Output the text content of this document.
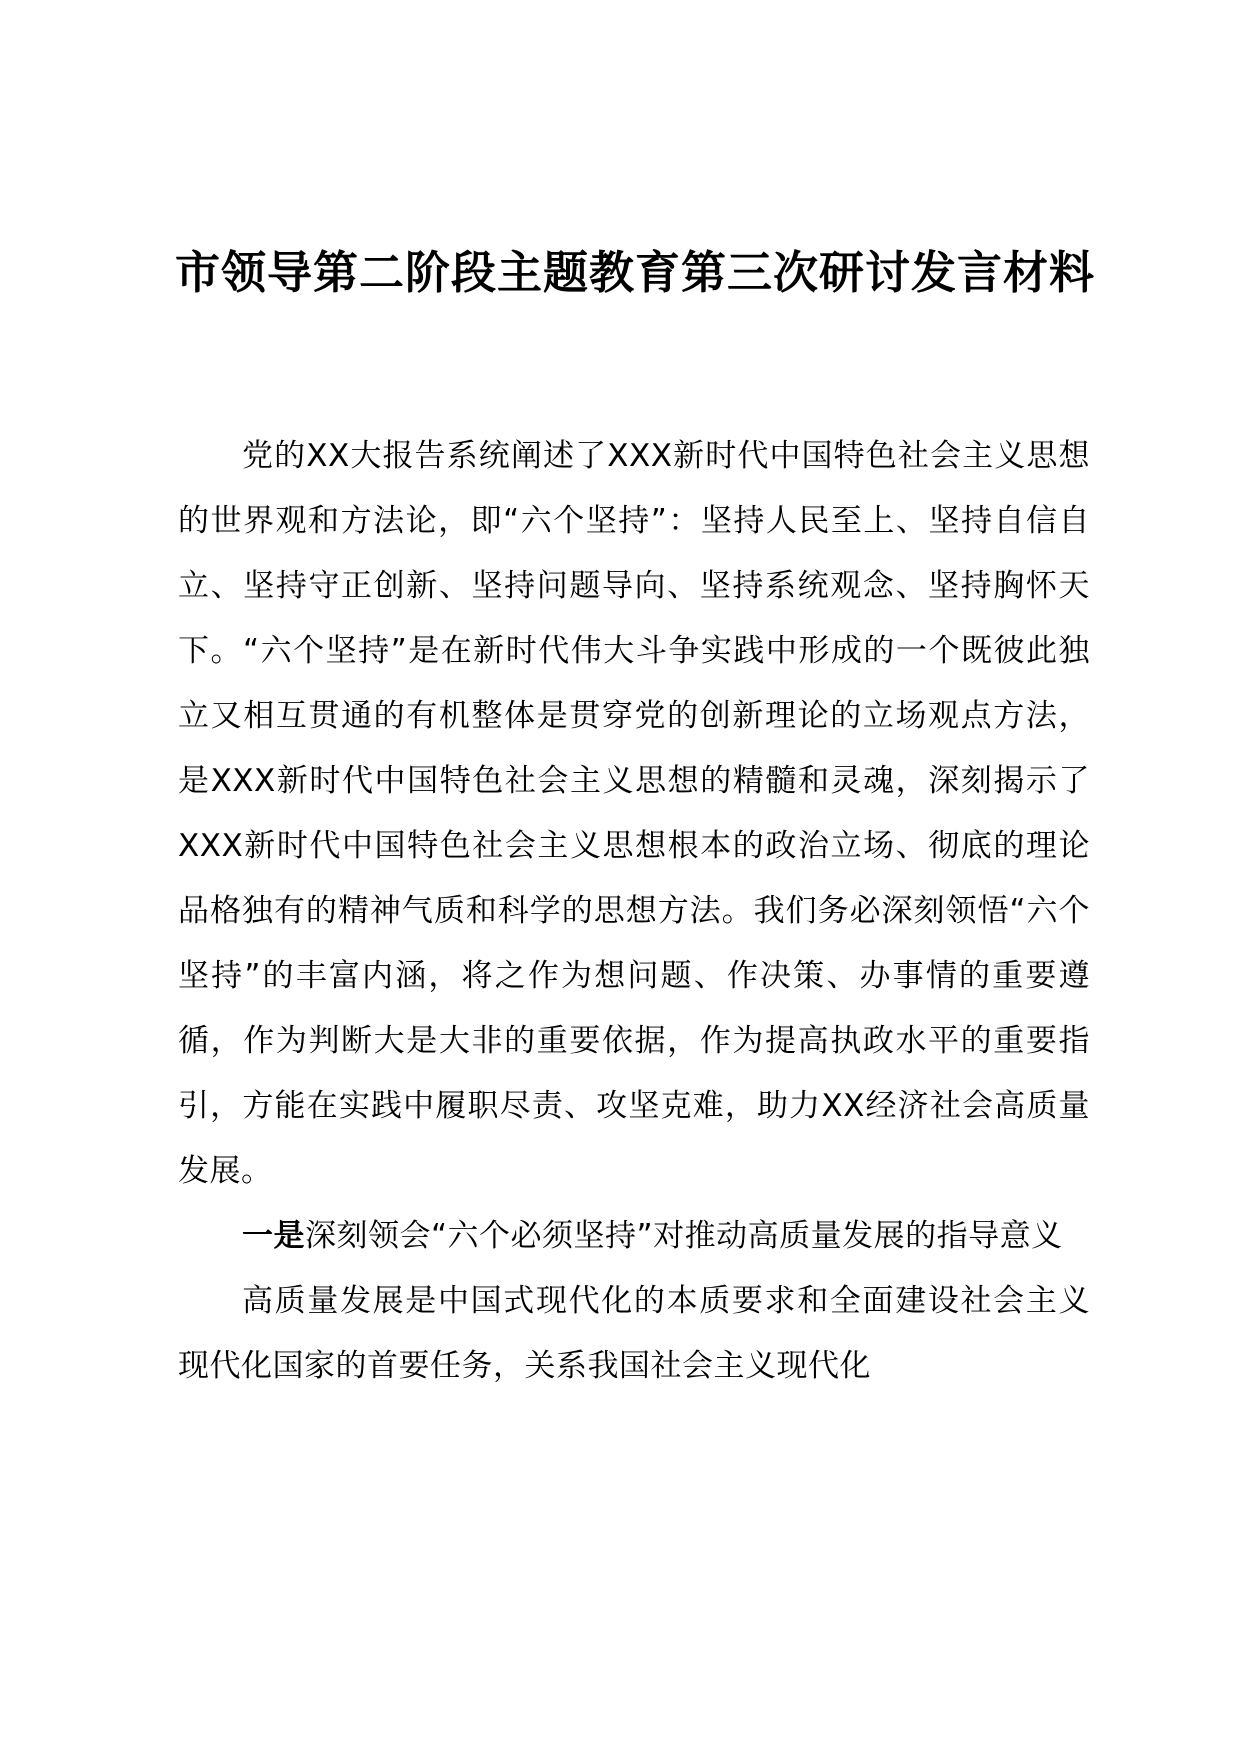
市领导第二阶段主题教育第三次研讨发言材料

党的XX大报告系统阐述了XXX新时代中国特色社会主义思想的世界观和方法论，即“六个坚持”：坚持人民至上、坚持自信自立、坚持守正创新、坚持问题导向、坚持系统观念、坚持胸怀天下。“六个坚持”是在新时代伟大斗争实践中形成的一个既彼此独立又相互贯通的有机整体是贯穿党的创新理论的立场观点方法，是XXX新时代中国特色社会主义思想的精髓和灵魂，深刻揭示了XXX新时代中国特色社会主义思想根本的政治立场、彻底的理论品格独有的精神气质和科学的思想方法。我们务必深刻领悟“六个坚持”的丰富内涵，将之作为想问题、作决策、办事情的重要遵循，作为判断大是大非的重要依据，作为提高执政水平的重要指引，方能在实践中履职尽责、攻坚克难，助力XX经济社会高质量发展。

一是深刻领会“六个必须坚持”对推动高质量发展的指导意义

高质量发展是中国式现代化的本质要求和全面建设社会主义现代化国家的首要任务，关系我国社会主义现代化
